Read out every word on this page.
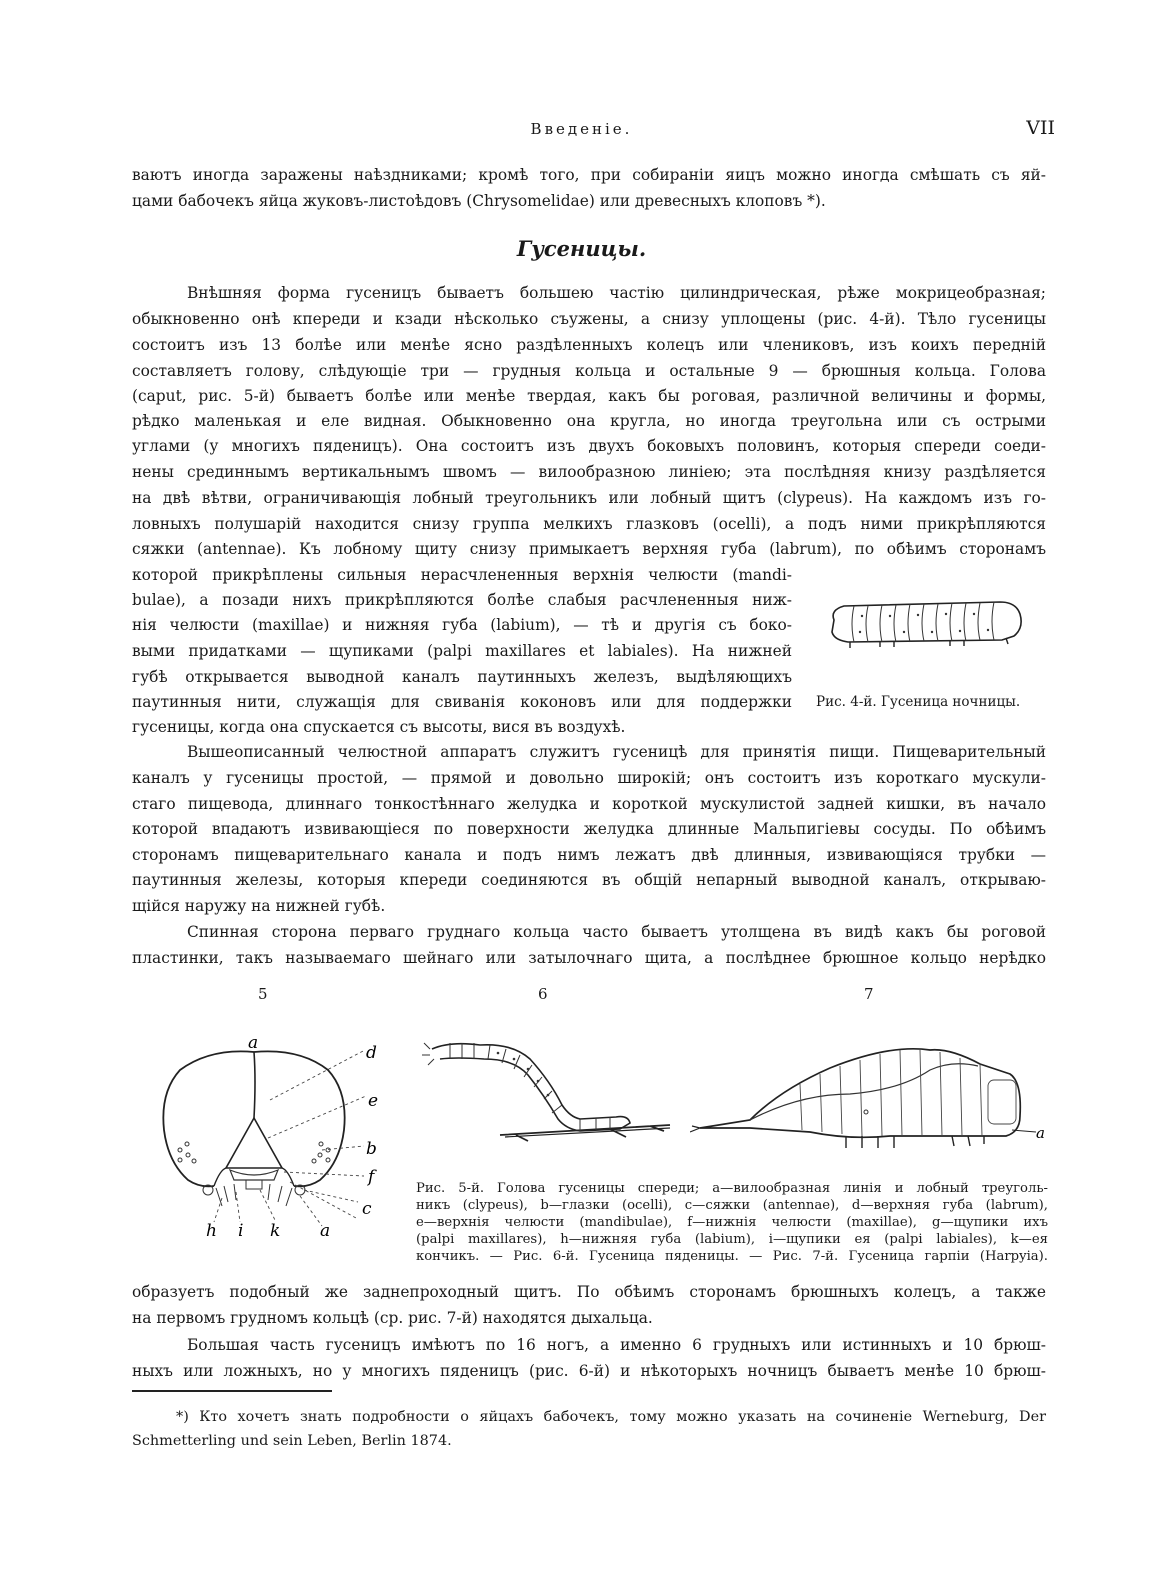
Введенiе.	VII
ваютъ иногда заражены наѣздниками; кромѣ того, при собиранiи яицъ можно иногда смѣшать съ яй-
цами бабочекъ яйца жуковъ-листоѣдовъ (Chrysomelidae) или древесныхъ клоповъ *).
Гусеницы.
Внѣшняя форма гусеницъ бываетъ большею частiю цилиндрическая, рѣже мокрицеобразная;
обыкновенно онѣ кпереди и кзади нѣсколько съужены, а снизу уплощены (рис. 4-й). Тѣло гусеницы
состоитъ изъ 13 болѣе или менѣе ясно раздѣленныхъ колецъ или члениковъ, изъ коихъ переднiй
составляетъ голову, слѣдующiе три — грудныя кольца и остальные 9 — брюшныя кольца. Голова
(caput, рис. 5-й) бываетъ болѣе или менѣе твердая, какъ бы роговая, различной величины и формы,
рѣдко маленькая и еле видная. Обыкновенно она кругла, но иногда треугольна или съ острыми
углами (у многихъ пяденицъ). Она состоитъ изъ двухъ боковыхъ половинъ, которыя спереди соеди-
нены срединнымъ вертикальнымъ швомъ — вилообразною линiею; эта послѣдняя книзу раздѣляется
на двѣ вѣтви, ограничивающiя лобный треугольникъ или лобный щитъ (clypeus). На каждомъ изъ го-
ловныхъ полушарiй находится снизу группа мелкихъ глазковъ (ocelli), а подъ ними прикрѣпляются
сяжки (antennae). Къ лобному щиту снизу примыкаетъ верхняя губа (labrum), по обѣимъ сторонамъ
которой прикрѣплены сильныя нерасчлененныя верхнiя челюсти (mandi-
bulae), а позади нихъ прикрѣпляются болѣе слабыя расчлененныя ниж-
нiя челюсти (maxillae) и нижняя губа (labium), — тѣ и другiя съ боко-
выми придатками — щупиками (palpi maxillares et labiales). На нижней
губѣ открывается выводной каналъ паутинныхъ железъ, выдѣляющихъ
паутинныя нити, служащiя для свиванiя коконовъ или для поддержки
гусеницы, когда она спускается съ высоты, вися въ воздухѣ.
Рис. 4-й. Гусеница ночницы.
Вышеописанный челюстной аппаратъ служитъ гусеницѣ для принятiя пищи. Пищеварительный
каналъ у гусеницы простой, — прямой и довольно широкiй; онъ состоитъ изъ короткаго мускули-
стаго пищевода, длиннаго тонкостѣннаго желудка и короткой мускулистой задней кишки, въ начало
которой впадаютъ извивающiеся по поверхности желудка длинные Мальпигiевы сосуды. По обѣимъ
сторонамъ пищеварительнаго канала и подъ нимъ лежатъ двѣ длинныя, извивающiяся трубки —
паутинныя железы, которыя кпереди соединяются въ общiй непарный выводной каналъ, открываю-
щiйся наружу на нижней губѣ.
Спинная сторона перваго груднаго кольца часто бываетъ утолщена въ видѣ какъ бы роговой
пластинки, такъ называемаго шейнаго или затылочнаго щита, а послѣднее брюшное кольцо нерѣдко
5	6	7
a	d
e
b
f
c
h i k a
a
Рис. 5-й. Голова гусеницы спереди; a—вилообразная линiя и лобный треуголь-
никъ (clypeus), b—глазки (ocelli), c—сяжки (antennae), d—верхняя губа (labrum),
e—верхнiя челюсти (mandibulae), f—нижнiя челюсти (maxillae), g—щупики ихъ
(palpi maxillares), h—нижняя губа (labium), i—щупики ея (palpi labiales), k—ея
кончикъ. — Рис. 6-й. Гусеница пяденицы. — Рис. 7-й. Гусеница гарпiи (Harpyia).
образуетъ подобный же заднепроходный щитъ. По обѣимъ сторонамъ брюшныхъ колецъ, а также
на первомъ грудномъ кольцѣ (ср. рис. 7-й) находятся дыхальца.
Большая часть гусеницъ имѣютъ по 16 ногъ, а именно 6 грудныхъ или истинныхъ и 10 брюш-
ныхъ или ложныхъ, но у многихъ пяденицъ (рис. 6-й) и нѣкоторыхъ ночницъ бываетъ менѣе 10 брюш-
*) Кто хочетъ знать подробности о яйцахъ бабочекъ, тому можно указать на сочиненiе Werneburg, Der
Schmetterling und sein Leben, Berlin 1874.
